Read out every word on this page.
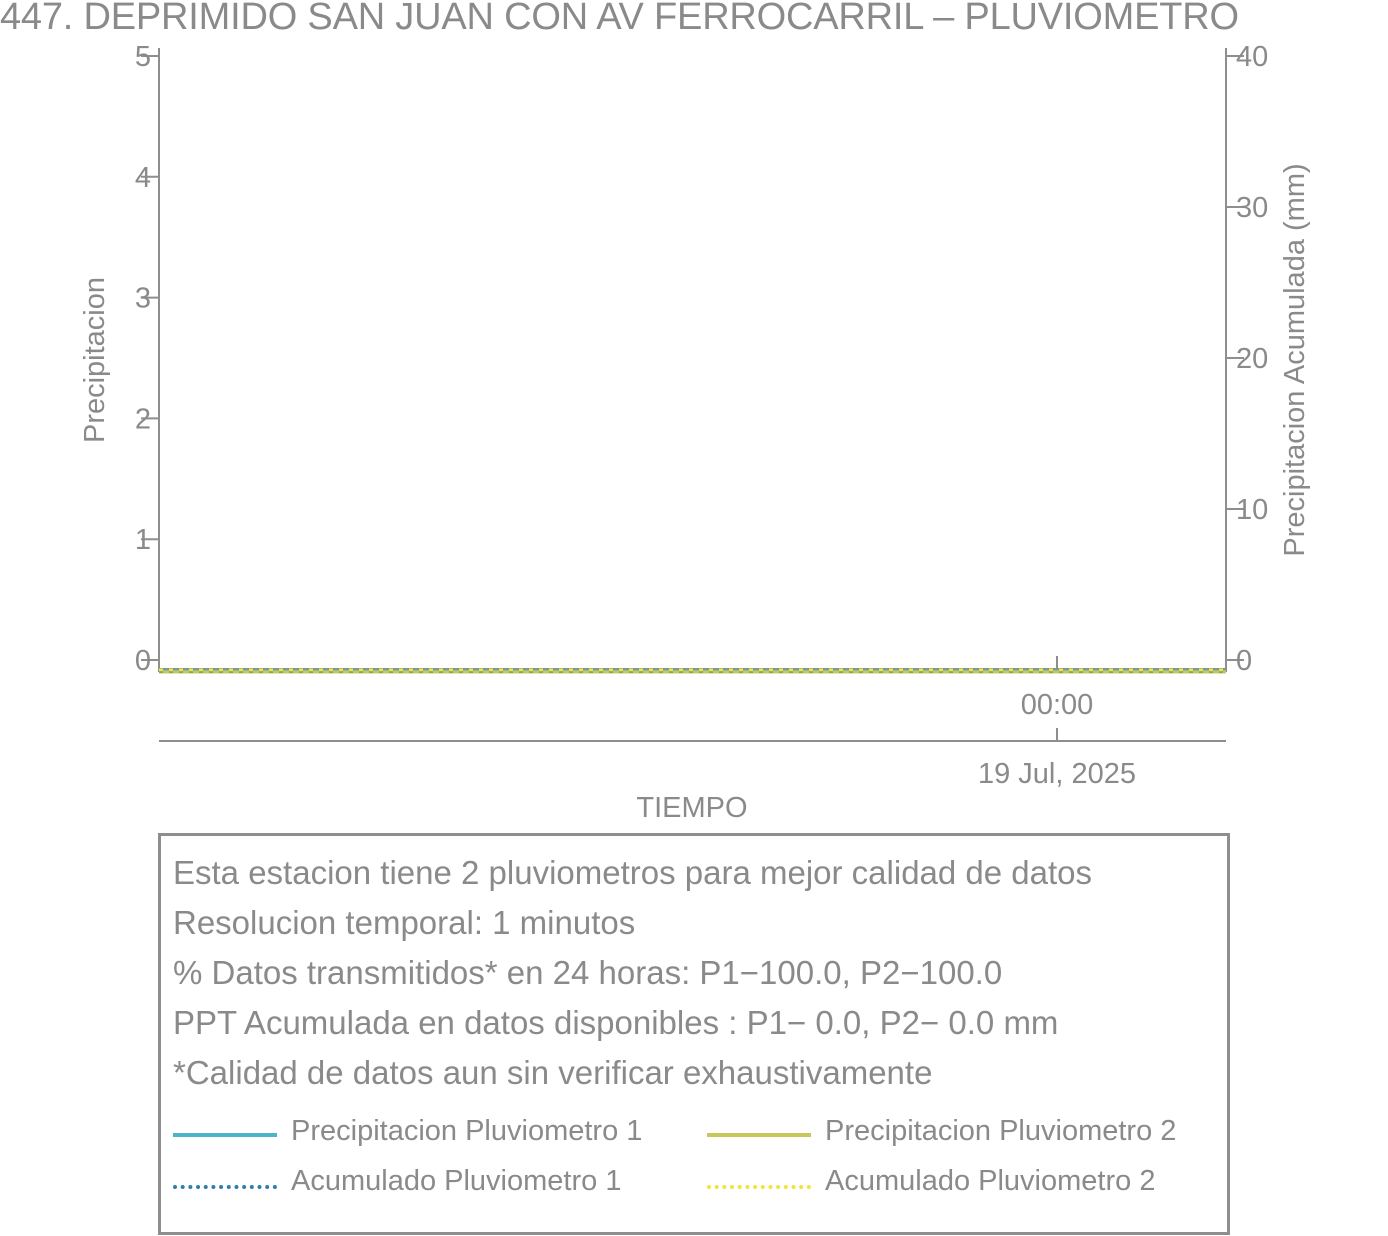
447. DEPRIMIDO SAN JUAN CON AV FERROCARRIL – PLUVIOMETRO
0
1
2
3
4
5
0
10
20
30
40
00:00
19 Jul, 2025
TIEMPO
Precipitacion	Precipitacion Acumulada (mm)
Esta estacion tiene 2 pluviometros para mejor calidad de datos
Resolucion temporal: 1 minutos
% Datos transmitidos* en 24 horas: P1−100.0, P2−100.0
PPT Acumulada en datos disponibles : P1− 0.0, P2− 0.0 mm
*Calidad de datos aun sin verificar exhaustivamente
Precipitacion Pluviometro 1	Precipitacion Pluviometro 2
Acumulado Pluviometro 1	Acumulado Pluviometro 2
